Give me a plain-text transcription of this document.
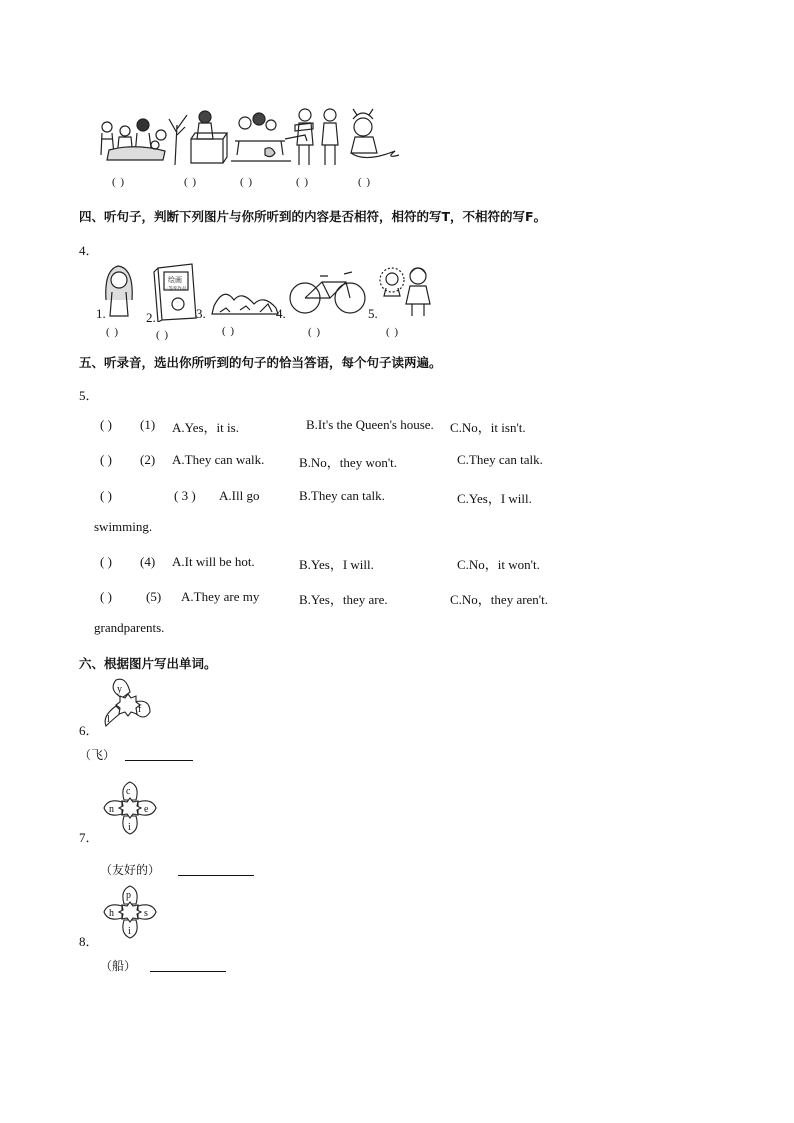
( )	( )	( )	( )	( )
四、听句子，判断下列图片与你所听到的内容是否相符，相符的写T，不相符的写F。
4．
绘画
一等奖作品
1.	2.	3.	4.	5.
( )	( )	( )	( )	( )
五、听录音，选出你所听到的句子的恰当答语，每个句子读两遍。
5．
( ) (1) A.Yes，it is.	B.It's the Queen's house. C.No，it isn't.
( ) (2) A.They can walk.	B.No，they won't.	C.They can talk.
( )	( 3 ) A.Ill go	B.They can talk.	C.Yes，I will.
swimming.
( ) (4) A.It will be hot.	B.Yes，I will.	C.No，it won't.
( )	(5) A.They are my	B.Yes，they are.	C.No，they aren't.
grandparents.
六、根据图片写出单词。
y
l
f
6．
（飞）
c
n	e
i
7．
（友好的）
p
h	s
i
8．
（船）
